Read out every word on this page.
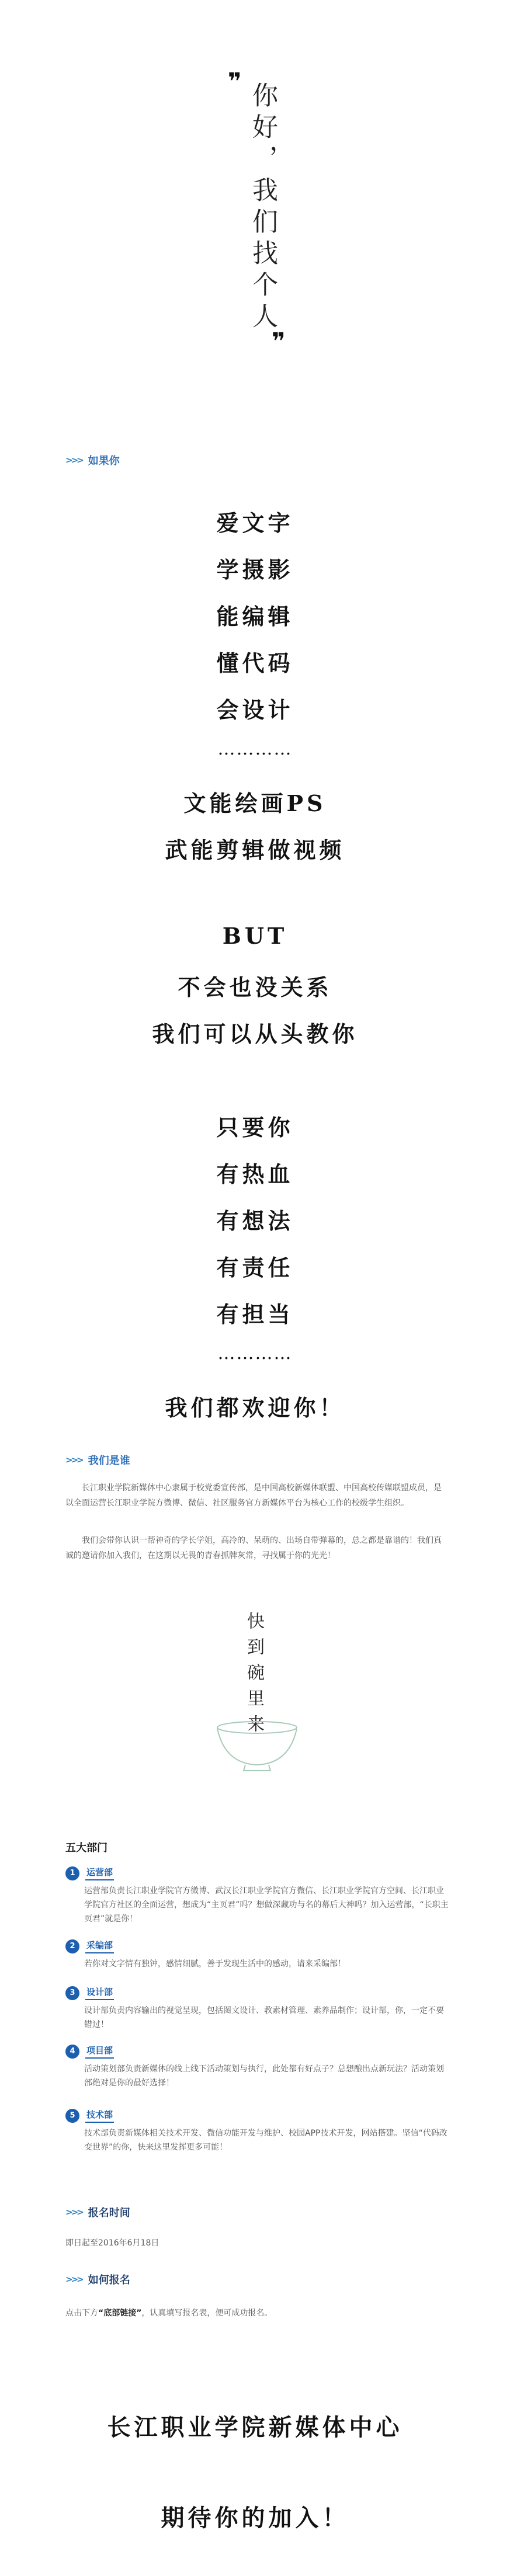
❞ 你好，我们找个人
❞
>>> 如果你
爱文字
学摄影
能编辑
懂代码
会设计
…………
文能绘画PS
武能剪辑做视频
BUT
不会也没关系
我们可以从头教你
只要你
有热血
有想法
有责任
有担当
…………
我们都欢迎你！
>>> 我们是谁

长江职业学院新媒体中心隶属于校党委宣传部，是中国高校新媒体联盟、中国高校传媒联盟成员，是以全面运营长江职业学院方微博、微信、社区服务官方新媒体平台为核心工作的校级学生组织。

我们会带你认识一帮神奇的学长学姐，高冷的、呆萌的、出场自带弹幕的，总之都是靠谱的！我们真诚的邀请你加入我们，在这期以无畏的青春抓牌灰常，寻找属于你的光光！

快到碗里来
五大部门
1	运营部
运营部负责长江职业学院官方微博、武汉长江职业学院官方微信、长江职业学院官方空间、长江职业学院官方社区的全面运营，想成为“主页君”吗？想做深藏功与名的幕后大神吗？加入运营部，“长职主页君”就是你！
2	采编部
若你对文字情有独钟，感情细腻，善于发现生活中的感动，请来采编部！
3	设计部
设计部负责内容输出的视觉呈现，包括图文设计、教素材管理、素养品制作；设计部，你，一定不要错过！
4	项目部
活动策划部负责新媒体的线上线下活动策划与执行，此处都有好点子？总想酿出点新玩法？活动策划部绝对是你的最好选择！
5	技术部
技术部负责新媒体相关技术开发、微信功能开发与维护、校园APP技术开发，网站搭建。坚信“代码改变世界”的你，快来这里发挥更多可能！
>>> 报名时间
即日起至2016年6月18日
>>> 如何报名
点击下方“底部链接”，认真填写报名表，便可成功报名。
长江职业学院新媒体中心
期待你的加入！
